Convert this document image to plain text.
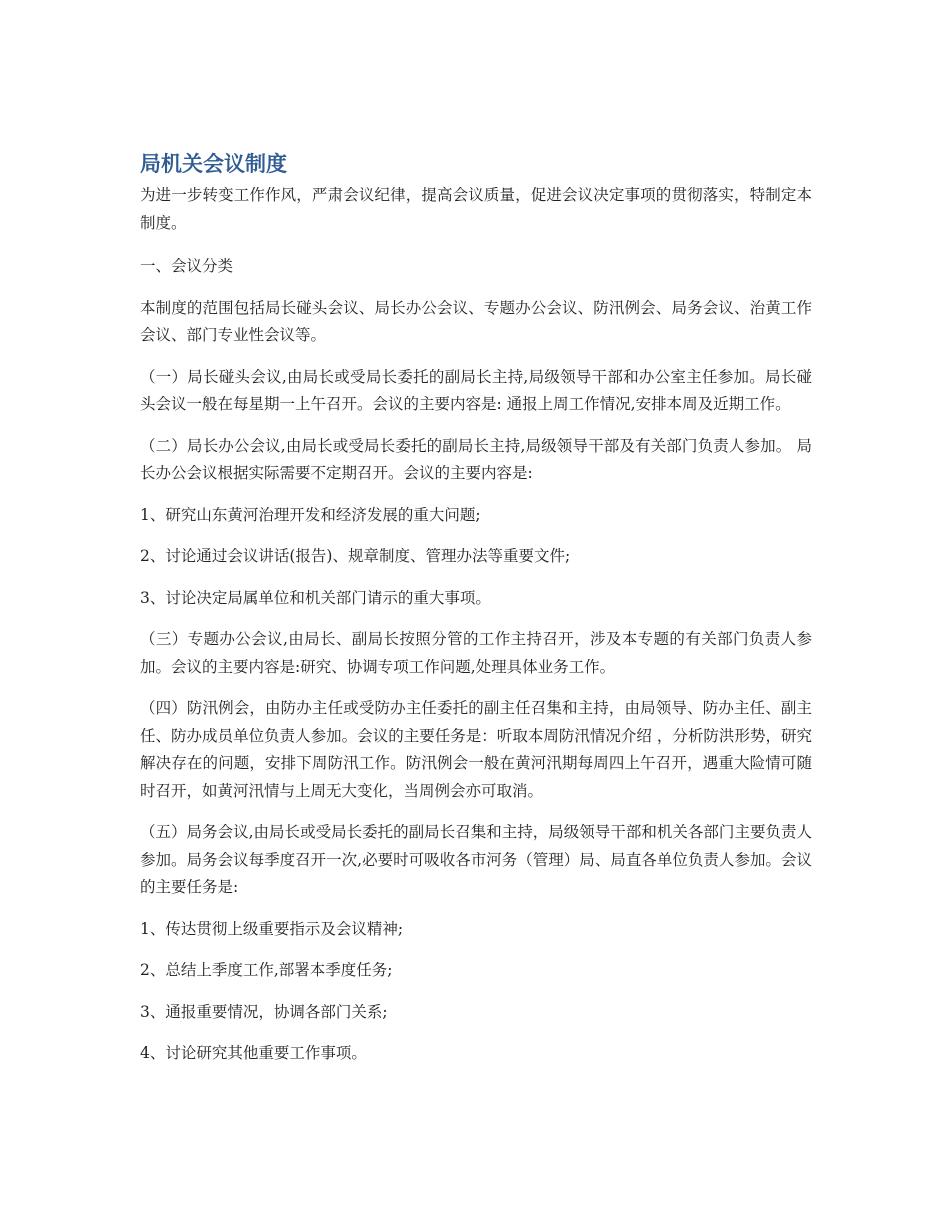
局机关会议制度

为进一步转变工作作风，严肃会议纪律，提高会议质量，促进会议决定事项的贯彻落实，特制定本制度。

一、会议分类

本制度的范围包括局长碰头会议、局长办公会议、专题办公会议、防汛例会、局务会议、治黄工作会议、部门专业性会议等。

（一）局长碰头会议,由局长或受局长委托的副局长主持,局级领导干部和办公室主任参加。局长碰头会议一般在每星期一上午召开。会议的主要内容是: 通报上周工作情况,安排本周及近期工作。

（二）局长办公会议,由局长或受局长委托的副局长主持,局级领导干部及有关部门负责人参加。 局长办公会议根据实际需要不定期召开。会议的主要内容是:

1、研究山东黄河治理开发和经济发展的重大问题;

2、讨论通过会议讲话(报告)、规章制度、管理办法等重要文件;

3、讨论决定局属单位和机关部门请示的重大事项。

（三）专题办公会议,由局长、副局长按照分管的工作主持召开，涉及本专题的有关部门负责人参加。会议的主要内容是:研究、协调专项工作问题,处理具体业务工作。

（四）防汛例会，由防办主任或受防办主任委托的副主任召集和主持，由局领导、防办主任、副主任、防办成员单位负责人参加。会议的主要任务是：听取本周防汛情况介绍 ，分析防洪形势，研究解决存在的问题，安排下周防汛工作。防汛例会一般在黄河汛期每周四上午召开，遇重大险情可随时召开，如黄河汛情与上周无大变化，当周例会亦可取消。

（五）局务会议,由局长或受局长委托的副局长召集和主持，局级领导干部和机关各部门主要负责人参加。局务会议每季度召开一次,必要时可吸收各市河务（管理）局、局直各单位负责人参加。会议的主要任务是:

1、传达贯彻上级重要指示及会议精神;

2、总结上季度工作,部署本季度任务;

3、通报重要情况，协调各部门关系;

4、讨论研究其他重要工作事项。
